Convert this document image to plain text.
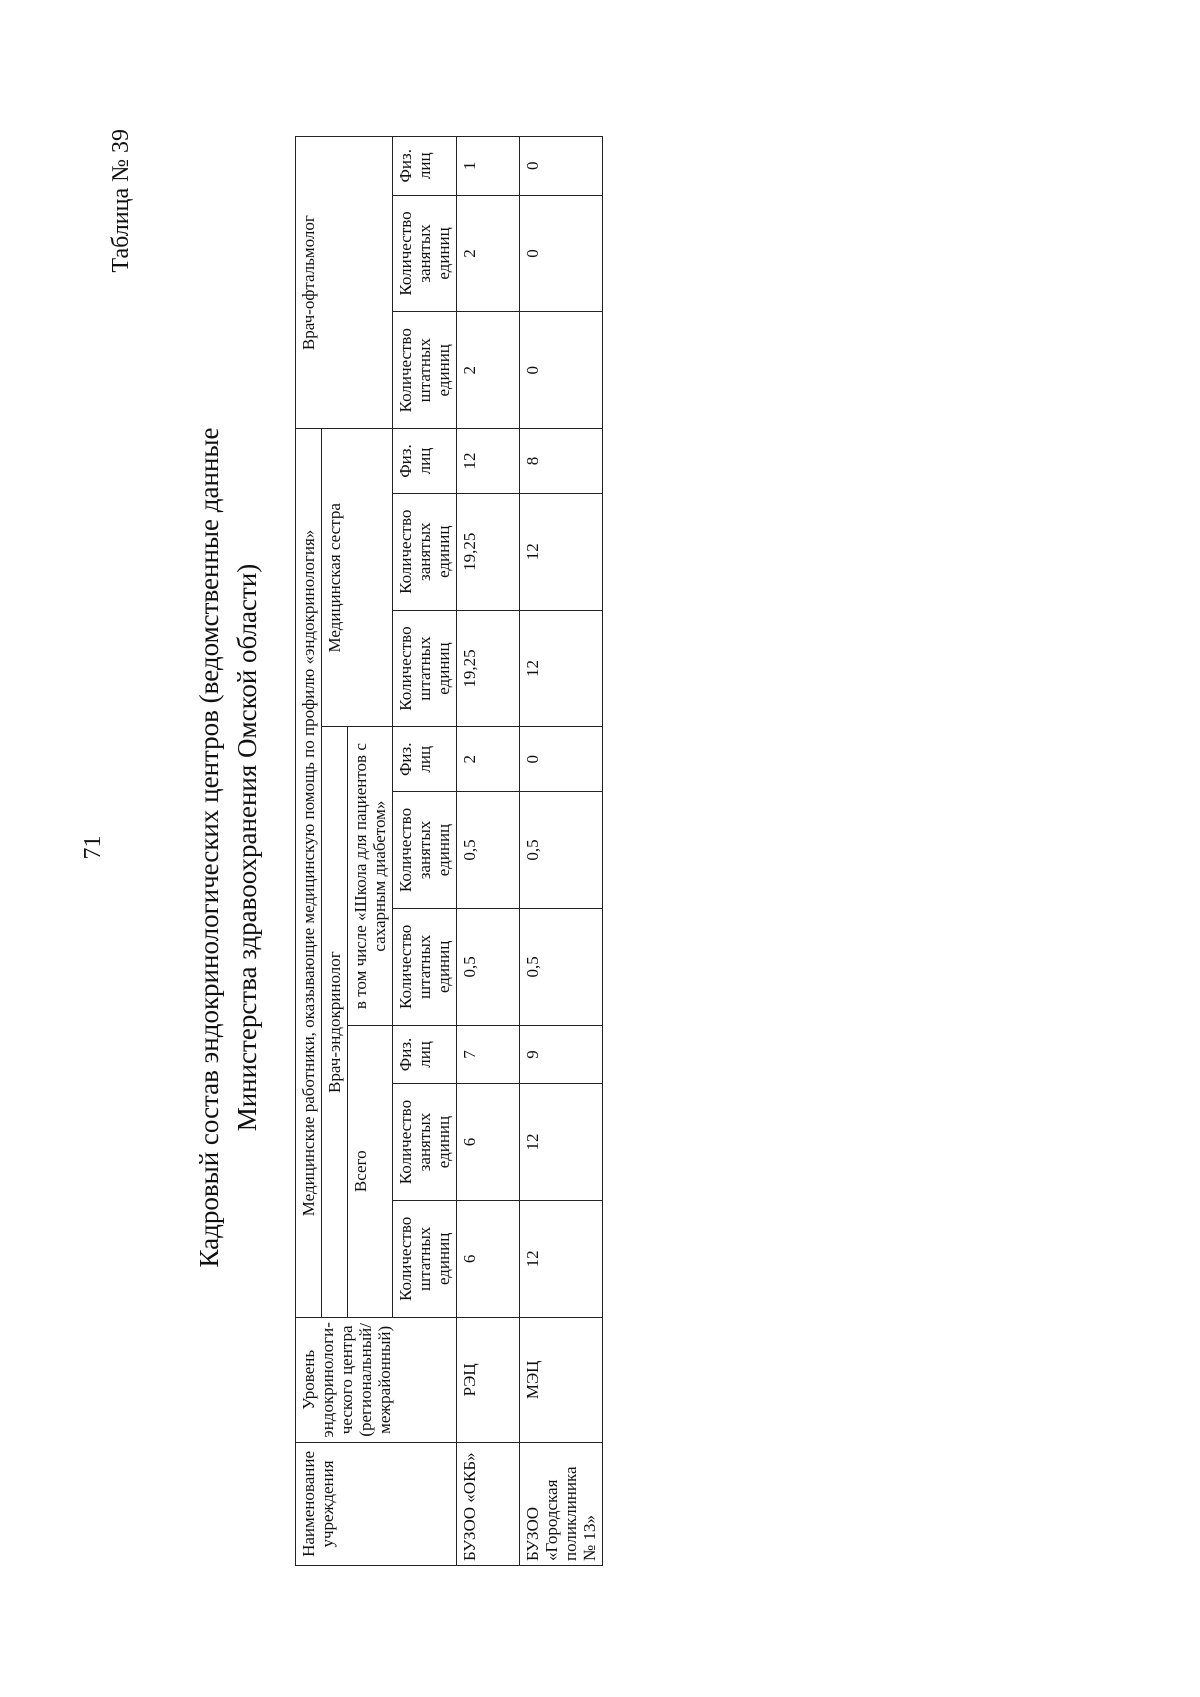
71
Таблица № 39
Кадровый состав эндокринологических центров (ведомственные данные Министерства здравоохранения Омской области)
Наименование учреждения	Уровень эндокринологи-ческого центра (региональный/ межрайонный)	Медицинские работники, оказывающие медицинскую помощь по профилю «эндокринология»									Врач-офтальмолог		
		Врач-эндокринолог						Медицинская сестра					
		Всего			в том числе «Школа для пациентов с сахарным диабетом»								
		Количество штатных единиц	Количество занятых единиц	Физ. лиц	Количество штатных единиц	Количество занятых единиц	Физ. лиц	Количество штатных единиц	Количество занятых единиц	Физ. лиц	Количество штатных единиц	Количество занятых единиц	Физ. лиц
БУЗОО «ОКБ»	РЭЦ	6	6	7	0,5	0,5	2	19,25	19,25	12	2	2	1
БУЗОО «Городская поликлиника № 13»	МЭЦ	12	12	9	0,5	0,5	0	12	12	8	0	0	0
